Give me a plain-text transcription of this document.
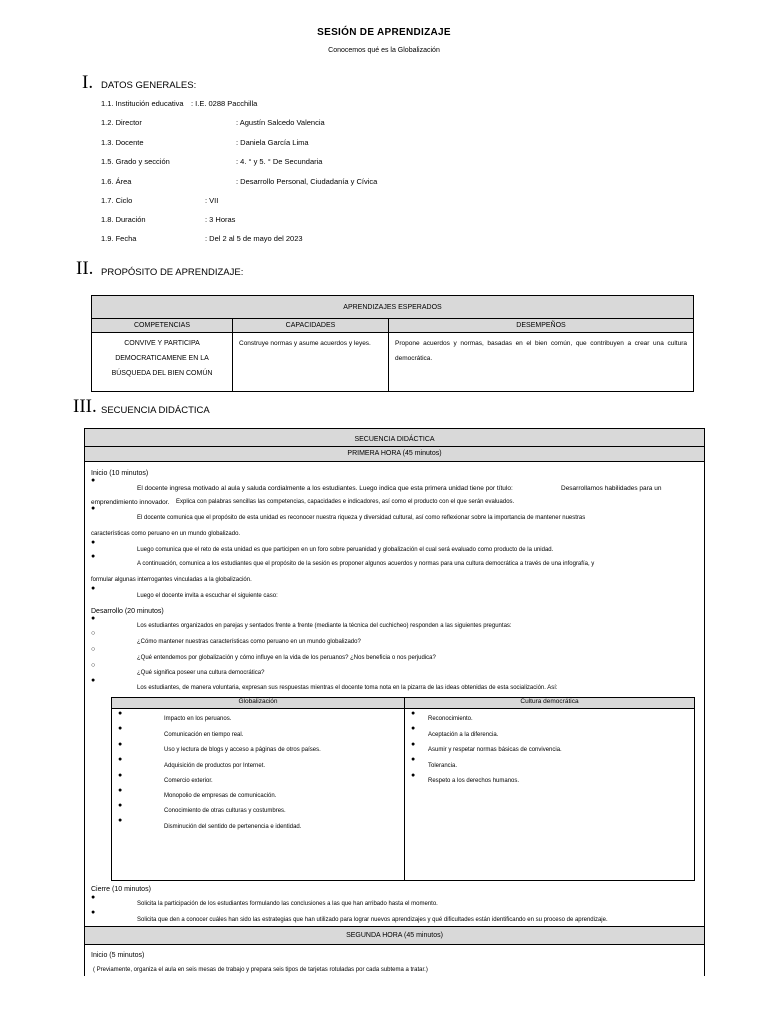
SESIÓN DE APRENDIZAJE
Conocemos qué es la Globalización
I. DATOS GENERALES:
1.1. Institución educativa : I.E. 0288 Pacchilla
1.2. Director	: Agustín Salcedo Valencia
1.3. Docente	: Daniela García Lima
1.5. Grado y sección	: 4. ° y 5. ° De Secundaria
1.6. Área	: Desarrollo Personal, Ciudadanía y Cívica
1.7. Ciclo	: VII
1.8. Duración	: 3 Horas
1.9. Fecha	: Del 2 al 5 de mayo del 2023
II. PROPÓSITO DE APRENDIZAJE:
APRENDIZAJES ESPERADOS		
COMPETENCIAS	CAPACIDADES	DESEMPEÑOS

CONVIVE Y PARTICIPA
DEMOCRATICAMENE EN LA
BÚSQUEDA DEL BIEN COMÚN	Construye normas y asume acuerdos y leyes.	Propone acuerdos y normas, basadas en el bien común, que contribuyen a crear una cultura democrática.
III. SECUENCIA DIDÁCTICA
SECUENCIA DIDÁCTICA
PRIMERA HORA (45 minutos)
Inicio (10 minutos)
●
El docente ingresa motivado al aula y saluda cordialmente a los estudiantes. Luego indica que esta primera unidad tiene por título:	Desarrollamos habilidades para un
emprendimiento innovador. Explica con palabras sencillas las competencias, capacidades e indicadores, así como el producto con el que serán evaluados.
●
El docente comunica que el propósito de esta unidad es reconocer nuestra riqueza y diversidad cultural, así como reflexionar sobre la importancia de mantener nuestras
características como peruano en un mundo globalizado.
●
Luego comunica que el reto de esta unidad es que participen en un foro sobre peruanidad y globalización el cual será evaluado como producto de la unidad.
●
A continuación, comunica a los estudiantes que el propósito de la sesión es proponer algunos acuerdos y normas para una cultura democrática a través de una infografía, y
formular algunas interrogantes vinculadas a la globalización.
●
Luego el docente invita a escuchar el siguiente caso:
Desarrollo (20 minutos)
●
Los estudiantes organizados en parejas y sentados frente a frente (mediante la técnica del cuchicheo) responden a las siguientes preguntas:
○
¿Cómo mantener nuestras características como peruano en un mundo globalizado?
○
¿Qué entendemos por globalización y cómo influye en la vida de los peruanos? ¿Nos beneficia o nos perjudica?
○
¿Qué significa poseer una cultura democrática?
●
Los estudiantes, de manera voluntaria, expresan sus respuestas mientras el docente toma nota en la pizarra de las ideas obtenidas de esta socialización. Así:
Globalización
●
Impacto en los peruanos.
●
Comunicación en tiempo real.
●
Uso y lectura de blogs y acceso a páginas de otros países.
●
Adquisición de productos por Internet.
●
Comercio exterior.
●
Monopolio de empresas de comunicación.
●
Conocimiento de otras culturas y costumbres.
●
Disminución del sentido de pertenencia e identidad.
Cultura democrática
●
Reconocimiento.
●
Aceptación a la diferencia.
●
Asumir y respetar normas básicas de convivencia.
●
Tolerancia.
●
Respeto a los derechos humanos.
Cierre (10 minutos)
●
Solicita la participación de los estudiantes formulando las conclusiones a las que han arribado hasta el momento.
●
Solicita que den a conocer cuáles han sido las estrategias que han utilizado para lograr nuevos aprendizajes y qué dificultades están identificando en su proceso de aprendizaje.
SEGUNDA HORA (45 minutos)
Inicio (5 minutos)
( Previamente, organiza el aula en seis mesas de trabajo y prepara seis tipos de tarjetas rotuladas por cada subtema a tratar.)
